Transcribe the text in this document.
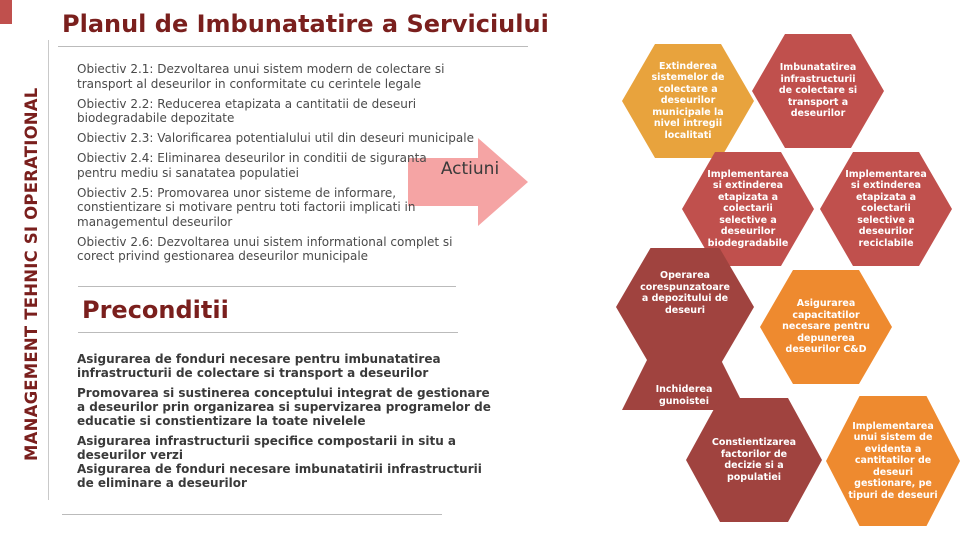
MANAGEMENT TEHNIC SI OPERATIONAL
Planul de Imbunatatire a Serviciului
Obiectiv 2.1: Dezvoltarea unui sistem modern de colectare si transport al deseurilor in conformitate cu cerintele legale
Obiectiv 2.2: Reducerea etapizata a cantitatii de deseuri biodegradabile depozitate
Obiectiv 2.3: Valorificarea potentialului util din deseuri municipale
Obiectiv 2.4: Eliminarea deseurilor in conditii de siguranta pentru mediu si sanatatea populatiei
Obiectiv 2.5: Promovarea unor sisteme de informare, constientizare si motivare pentru toti factorii implicati in managementul deseurilor
Obiectiv 2.6: Dezvoltarea unui sistem informational complet si corect privind gestionarea deseurilor municipale
Actiuni
Preconditii
Asigurarea de fonduri necesare pentru imbunatatirea infrastructurii de colectare si transport a deseurilor
Promovarea si sustinerea conceptului integrat de gestionare a deseurilor prin organizarea si supervizarea programelor de educatie si constientizare la toate nivelele
Asigurarea infrastructurii specifice compostarii in situ a deseurilor verzi
Asigurarea de fonduri necesare imbunatatirii infrastructurii de eliminare a deseurilor
Extinderea sistemelor de colectare a deseurilor municipale la nivel intregii localitati
Imbunatatirea infrastructurii de colectare si transport a deseurilor
Implementarea si extinderea etapizata a colectarii selective a deseurilor biodegradabile
Implementarea si extinderea etapizata a colectarii selective a deseurilor reciclabile
Operarea corespunzatoare a depozitului de deseuri
Asigurarea capacitatilor necesare pentru depunerea deseurilor C&D
Inchiderea gunoistei
Constientizarea factorilor de decizie si a populatiei
Implementarea unui sistem de evidenta a cantitatilor de deseuri gestionare, pe tipuri de deseuri
